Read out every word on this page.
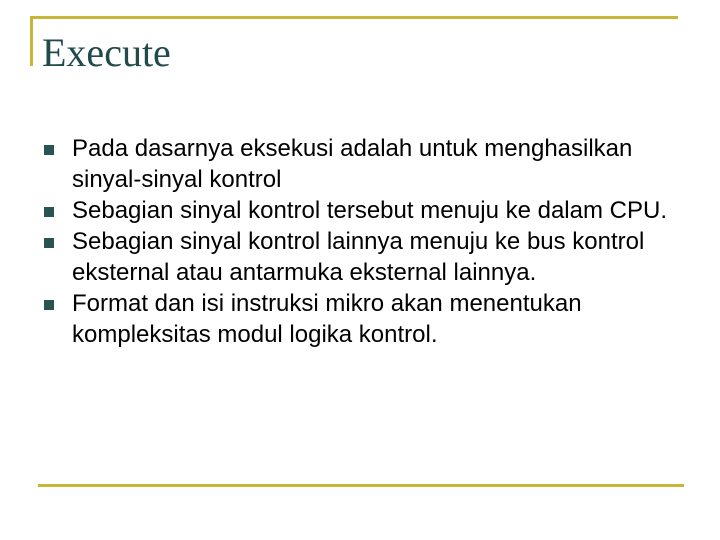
Execute
Pada dasarnya eksekusi adalah untuk menghasilkan sinyal-sinyal kontrol
Sebagian sinyal kontrol tersebut menuju ke dalam CPU.
Sebagian sinyal kontrol lainnya menuju ke bus kontrol eksternal atau antarmuka eksternal lainnya.
Format dan isi instruksi mikro akan menentukan kompleksitas modul logika kontrol.
